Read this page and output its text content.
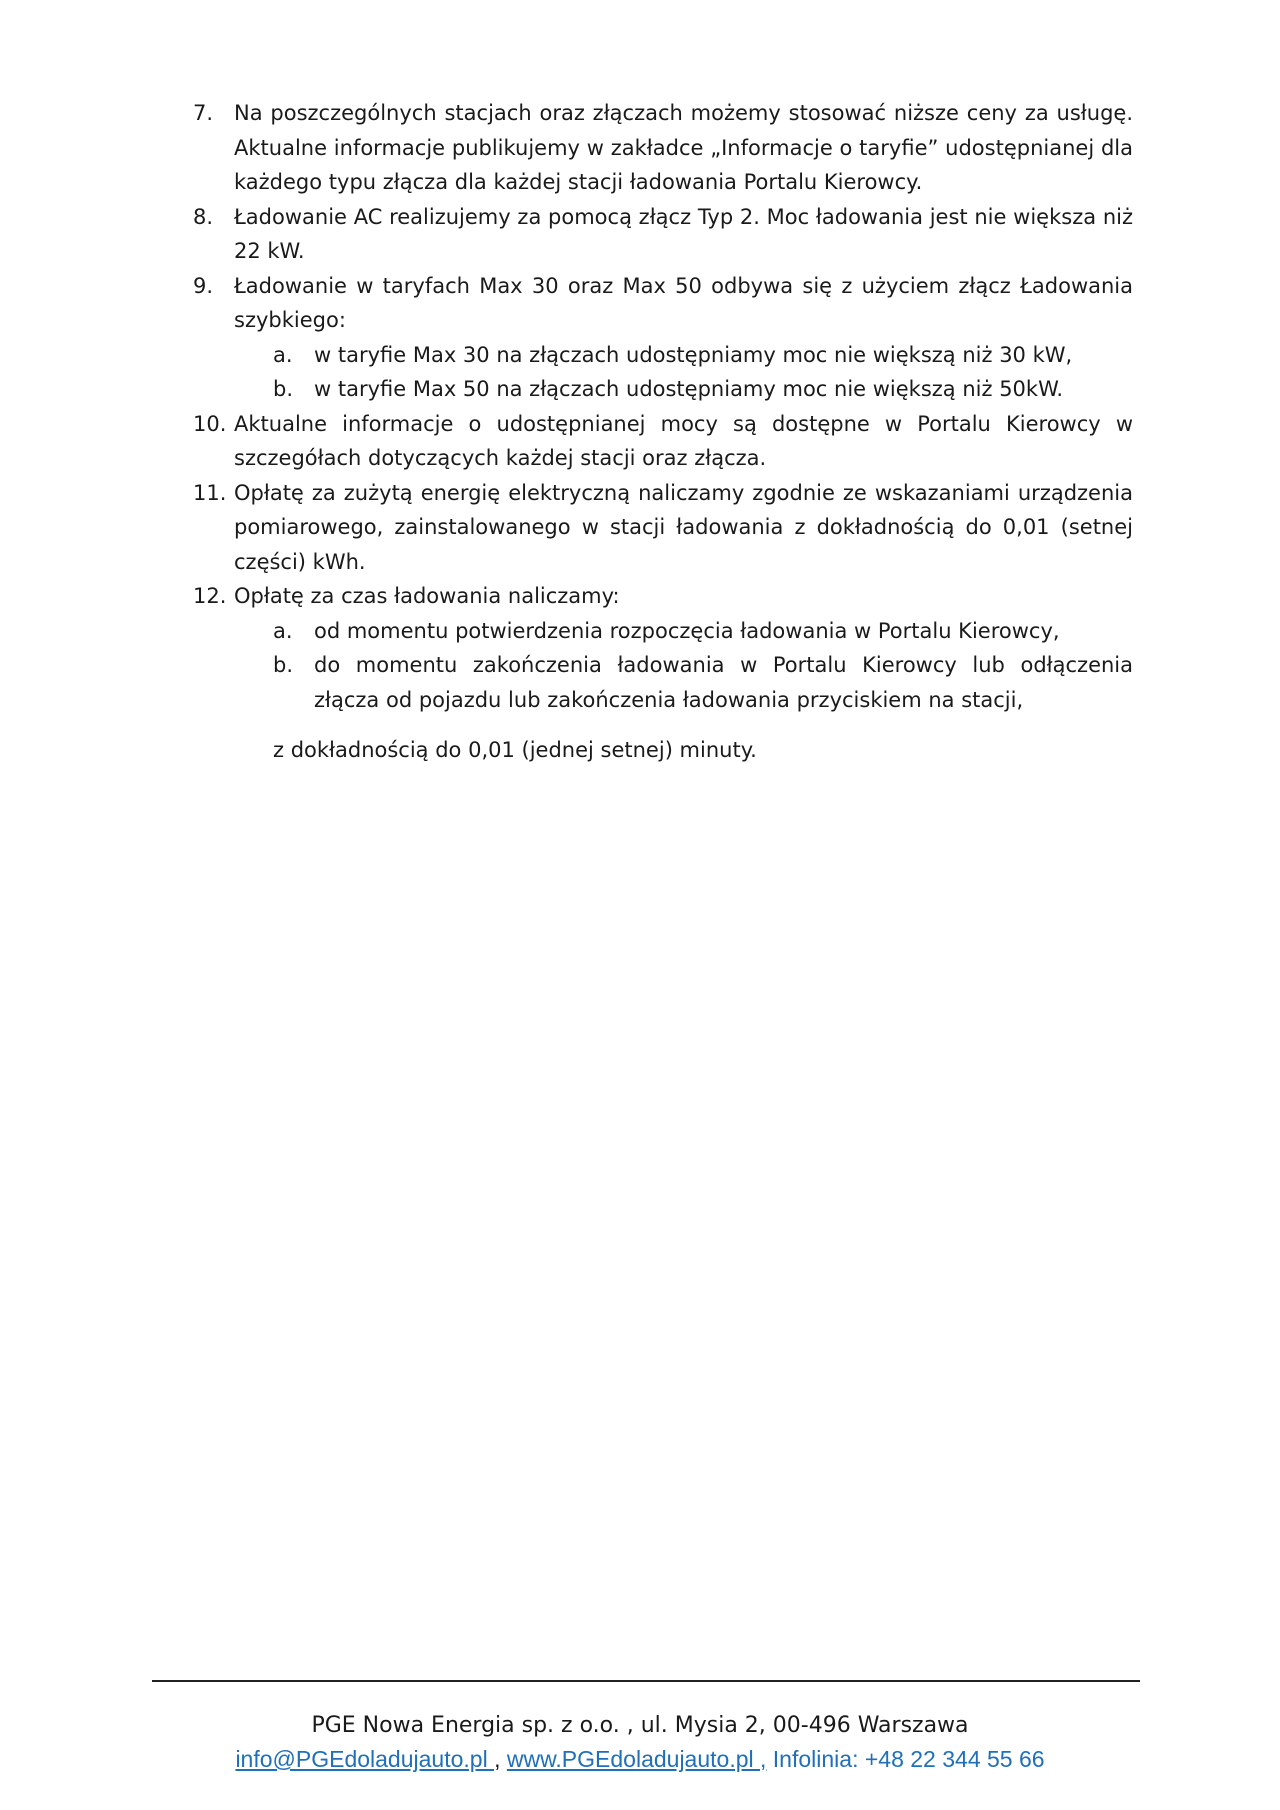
7. Na poszczególnych stacjach oraz złączach możemy stosować niższe ceny za usługę. Aktualne informacje publikujemy w zakładce „Informacje o taryfie” udostępnianej dla każdego typu złącza dla każdej stacji ładowania Portalu Kierowcy.
8. Ładowanie AC realizujemy za pomocą złącz Typ 2. Moc ładowania jest nie większa niż 22 kW.
9. Ładowanie w taryfach Max 30 oraz Max 50 odbywa się z użyciem złącz Ładowania szybkiego:
a. w taryfie Max 30 na złączach udostępniamy moc nie większą niż 30 kW,
b. w taryfie Max 50 na złączach udostępniamy moc nie większą niż 50kW.
10. Aktualne informacje o udostępnianej mocy są dostępne w Portalu Kierowcy w szczegółach dotyczących każdej stacji oraz złącza.
11. Opłatę za zużytą energię elektryczną naliczamy zgodnie ze wskazaniami urządzenia pomiarowego, zainstalowanego w stacji ładowania z dokładnością do 0,01 (setnej części) kWh.
12. Opłatę za czas ładowania naliczamy:
a. od momentu potwierdzenia rozpoczęcia ładowania w Portalu Kierowcy,
b. do momentu zakończenia ładowania w Portalu Kierowcy lub odłączenia złącza od pojazdu lub zakończenia ładowania przyciskiem na stacji,
z dokładnością do 0,01 (jednej setnej) minuty.
PGE Nowa Energia sp. z o.o. , ul. Mysia 2, 00-496 Warszawa
info@PGEdoladujauto.pl , www.PGEdoladujauto.pl , Infolinia: +48 22 344 55 66
